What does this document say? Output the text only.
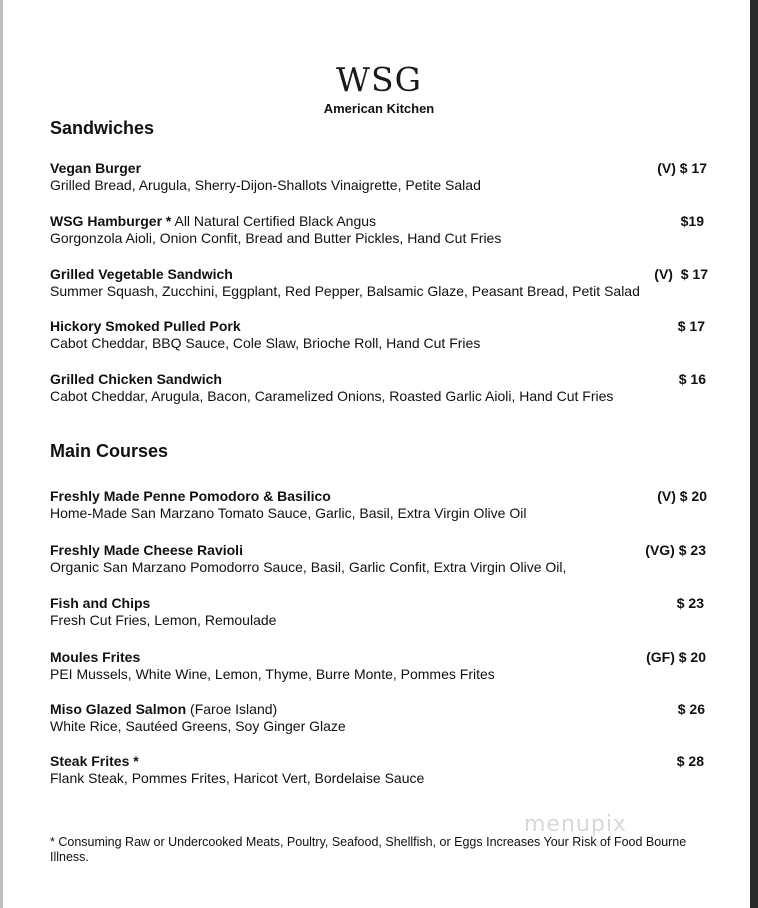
WSG
American Kitchen
Sandwiches
Vegan Burger	(V) $ 17
Grilled Bread, Arugula, Sherry-Dijon-Shallots Vinaigrette, Petite Salad
WSG Hamburger * All Natural Certified Black Angus	$19
Gorgonzola Aioli, Onion Confit, Bread and Butter Pickles, Hand Cut Fries
Grilled Vegetable Sandwich	(V)  $ 17
Summer Squash, Zucchini, Eggplant, Red Pepper, Balsamic Glaze, Peasant Bread, Petit Salad
Hickory Smoked Pulled Pork	$ 17
Cabot Cheddar, BBQ Sauce, Cole Slaw, Brioche Roll, Hand Cut Fries
Grilled Chicken Sandwich	$ 16
Cabot Cheddar, Arugula, Bacon, Caramelized Onions, Roasted Garlic Aioli, Hand Cut Fries
Main Courses
Freshly Made Penne Pomodoro & Basilico	(V) $ 20
Home-Made San Marzano Tomato Sauce, Garlic, Basil, Extra Virgin Olive Oil
Freshly Made Cheese Ravioli	(VG) $ 23
Organic San Marzano Pomodorro Sauce, Basil, Garlic Confit, Extra Virgin Olive Oil,
Fish and Chips	$ 23
Fresh Cut Fries, Lemon, Remoulade
Moules Frites	(GF) $ 20
PEI Mussels, White Wine, Lemon, Thyme, Burre Monte, Pommes Frites
Miso Glazed Salmon (Faroe Island)	$ 26
White Rice, Sautéed Greens, Soy Ginger Glaze
Steak Frites *	$ 28
Flank Steak, Pommes Frites, Haricot Vert, Bordelaise Sauce
menupix
* Consuming Raw or Undercooked Meats, Poultry, Seafood, Shellfish, or Eggs Increases Your Risk of Food Bourne Illness.
